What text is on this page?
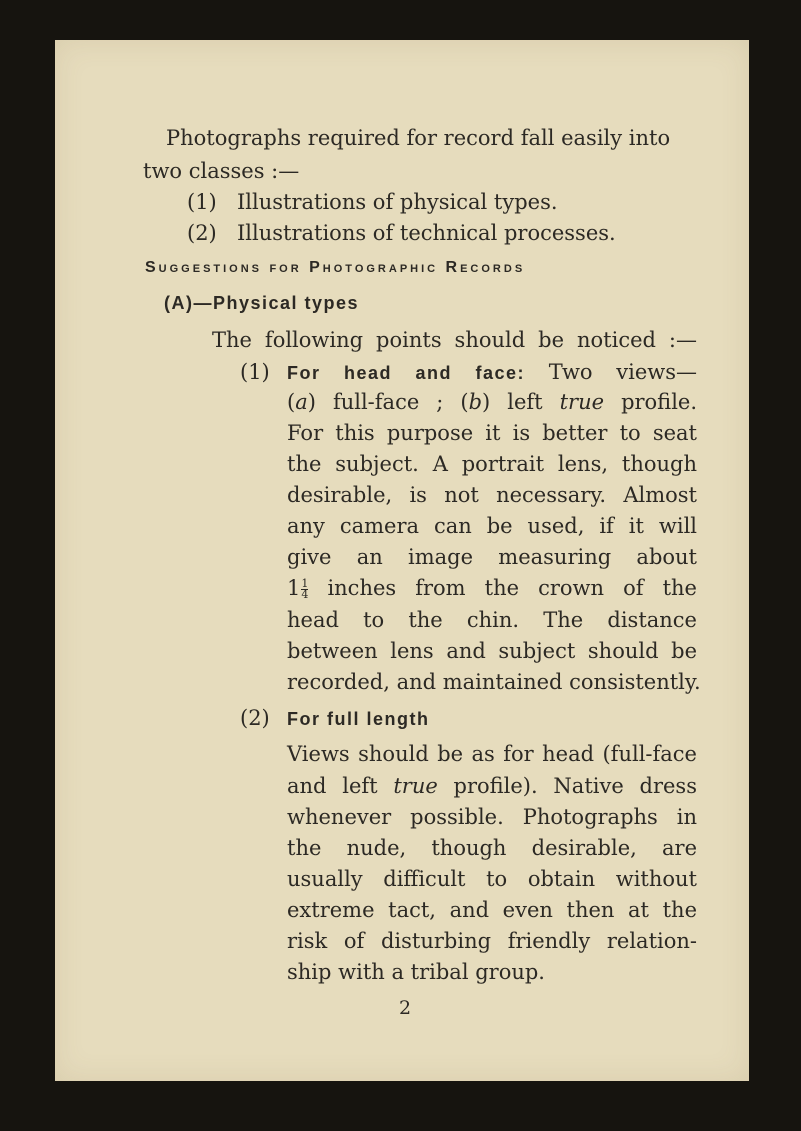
Photographs required for record fall easily into
two classes :—
(1) Illustrations of physical types.
(2) Illustrations of technical processes.
Suggestions for Photographic Records
(A)—Physical types
The following points should be noticed :—
(1) For head and face: Two views—
(a) full-face ; (b) left true profile.
For this purpose it is better to seat
the subject. A portrait lens, though
desirable, is not necessary. Almost
any camera can be used, if it will
give an image measuring about
$1 \frac{1}{4}$ inches from the crown of the
head to the chin. The distance
between lens and subject should be
recorded, and maintained consistently.
(2) For full length
Views should be as for head (full-face
and left true profile). Native dress
whenever possible. Photographs in
the nude, though desirable, are
usually difficult to obtain without
extreme tact, and even then at the
risk of disturbing friendly relation-
ship with a tribal group.
2
